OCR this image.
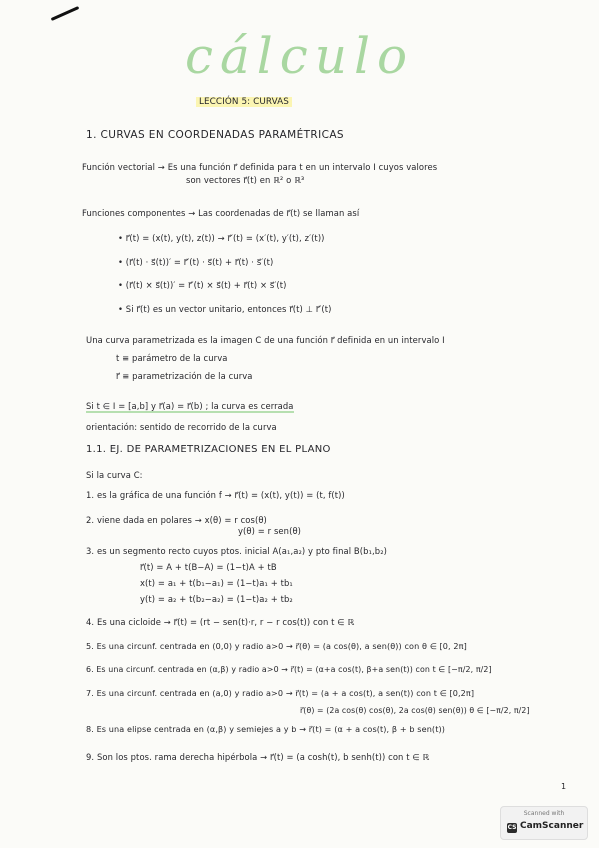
cálculo
LECCIÓN 5: CURVAS
1. CURVAS EN COORDENADAS PARAMÉTRICAS
Función vectorial → Es una función r⃗ definida para t en un intervalo I cuyos valores
son vectores r⃗(t) en ℝ² o ℝ³
Funciones componentes → Las coordenadas de r⃗(t) se llaman así
• r⃗(t) = (x(t), y(t), z(t)) → r⃗′(t) = (x′(t), y′(t), z′(t))
• (r⃗(t) · s⃗(t))′ = r⃗′(t) · s⃗(t) + r⃗(t) · s⃗′(t)
• (r⃗(t) × s⃗(t))′ = r⃗′(t) × s⃗(t) + r⃗(t) × s⃗′(t)
• Si r⃗(t) es un vector unitario, entonces r⃗(t) ⊥ r⃗′(t)
Una curva parametrizada es la imagen C de una función r⃗ definida en un intervalo I
t ≡ parámetro de la curva
r⃗ ≡ parametrización de la curva
Si t ∈ I = [a,b] y r⃗(a) = r⃗(b) ; la curva es cerrada
orientación: sentido de recorrido de la curva
1.1. EJ. DE PARAMETRIZACIONES EN EL PLANO
Si la curva C:
1. es la gráfica de una función f → r⃗(t) = (x(t), y(t)) = (t, f(t))
2. viene dada en polares → x(θ) = r cos(θ)
y(θ) = r sen(θ)
3. es un segmento recto cuyos ptos. inicial A(a₁,a₂) y pto final B(b₁,b₂)
r⃗(t) = A + t(B−A) = (1−t)A + tB
x(t) = a₁ + t(b₁−a₁) = (1−t)a₁ + tb₁
y(t) = a₂ + t(b₂−a₂) = (1−t)a₂ + tb₂
4. Es una cicloide → r⃗(t) = (rt − sen(t)·r, r − r cos(t)) con t ∈ ℝ
5. Es una circunf. centrada en (0,0) y radio a>0 → r⃗(θ) = (a cos(θ), a sen(θ)) con θ ∈ [0, 2π]
6. Es una circunf. centrada en (α,β) y radio a>0 → r⃗(t) = (α+a cos(t), β+a sen(t)) con t ∈ [−π/2, π/2]
7. Es una circunf. centrada en (a,0) y radio a>0 → r⃗(t) = (a + a cos(t), a sen(t)) con t ∈ [0,2π]
r⃗(θ) = (2a cos(θ) cos(θ), 2a cos(θ) sen(θ)) θ ∈ [−π/2, π/2]
8. Es una elipse centrada en (α,β) y semiejes a y b → r⃗(t) = (α + a cos(t), β + b sen(t))
9. Son los ptos. rama derecha hipérbola → r⃗(t) = (a cosh(t), b senh(t)) con t ∈ ℝ
1
Scanned with
CS CamScanner
